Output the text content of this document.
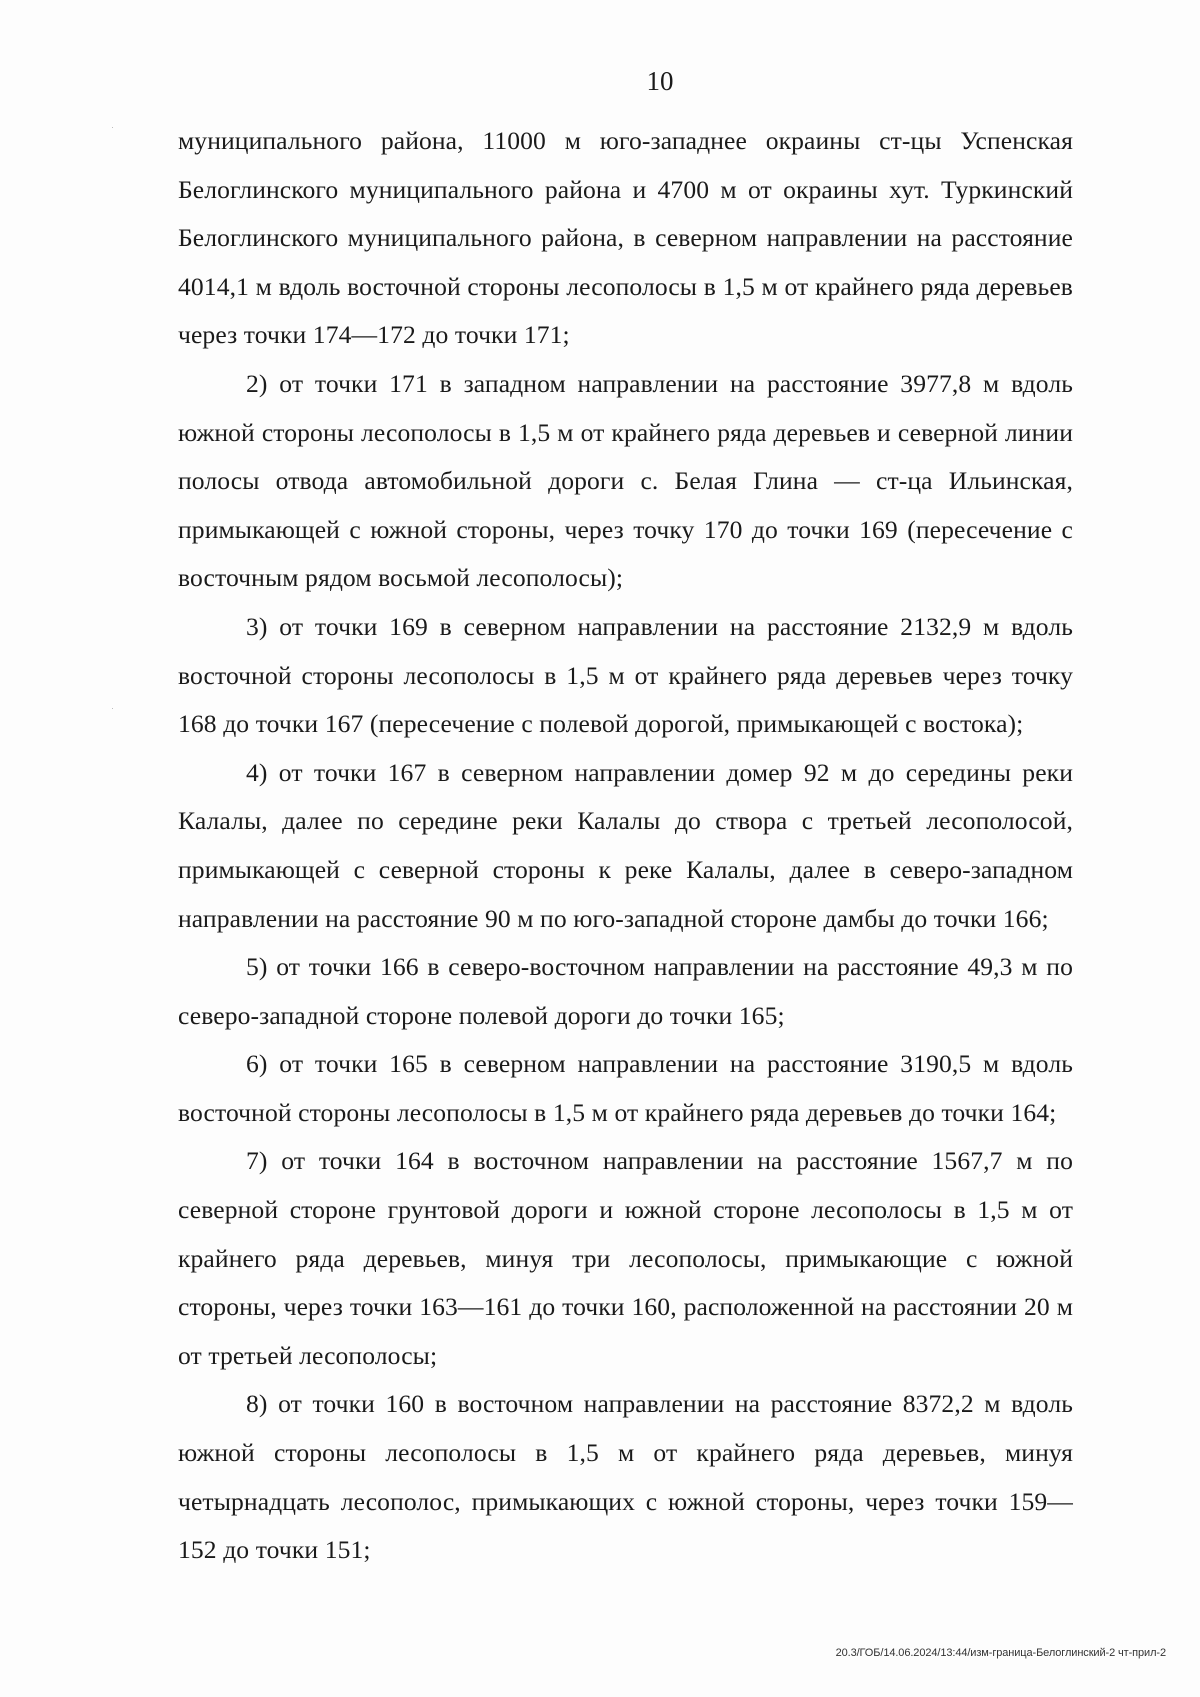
10

муниципального района, 11000 м юго-западнее окраины ст-цы Успенская Белоглинского муниципального района и 4700 м от окраины хут. Туркинский Белоглинского муниципального района, в северном направлении на расстояние 4014,1 м вдоль восточной стороны лесополосы в 1,5 м от крайнего ряда деревьев через точки 174—172 до точки 171;

2) от точки 171 в западном направлении на расстояние 3977,8 м вдоль южной стороны лесополосы в 1,5 м от крайнего ряда деревьев и северной линии полосы отвода автомобильной дороги с. Белая Глина — ст-ца Ильинская, примыкающей с южной стороны, через точку 170 до точки 169 (пересечение с восточным рядом восьмой лесополосы);

3) от точки 169 в северном направлении на расстояние 2132,9 м вдоль восточной стороны лесополосы в 1,5 м от крайнего ряда деревьев через точку 168 до точки 167 (пересечение с полевой дорогой, примыкающей с востока);

4) от точки 167 в северном направлении домер 92 м до середины реки Калалы, далее по середине реки Калалы до створа с третьей лесополосой, примыкающей с северной стороны к реке Калалы, далее в северо-западном направлении на расстояние 90 м по юго-западной стороне дамбы до точки 166;

5) от точки 166 в северо-восточном направлении на расстояние 49,3 м по северо-западной стороне полевой дороги до точки 165;

6) от точки 165 в северном направлении на расстояние 3190,5 м вдоль восточной стороны лесополосы в 1,5 м от крайнего ряда деревьев до точки 164;

7) от точки 164 в восточном направлении на расстояние 1567,7 м по северной стороне грунтовой дороги и южной стороне лесополосы в 1,5 м от крайнего ряда деревьев, минуя три лесополосы, примыкающие с южной стороны, через точки 163—161 до точки 160, расположенной на расстоянии 20 м от третьей лесополосы;

8) от точки 160 в восточном направлении на расстояние 8372,2 м вдоль южной стороны лесополосы в 1,5 м от крайнего ряда деревьев, минуя четырнадцать лесополос, примыкающих с южной стороны, через точки 159—152 до точки 151;

20.3/ГОБ/14.06.2024/13:44/изм-граница-Белоглинский-2 чт-прил-2
